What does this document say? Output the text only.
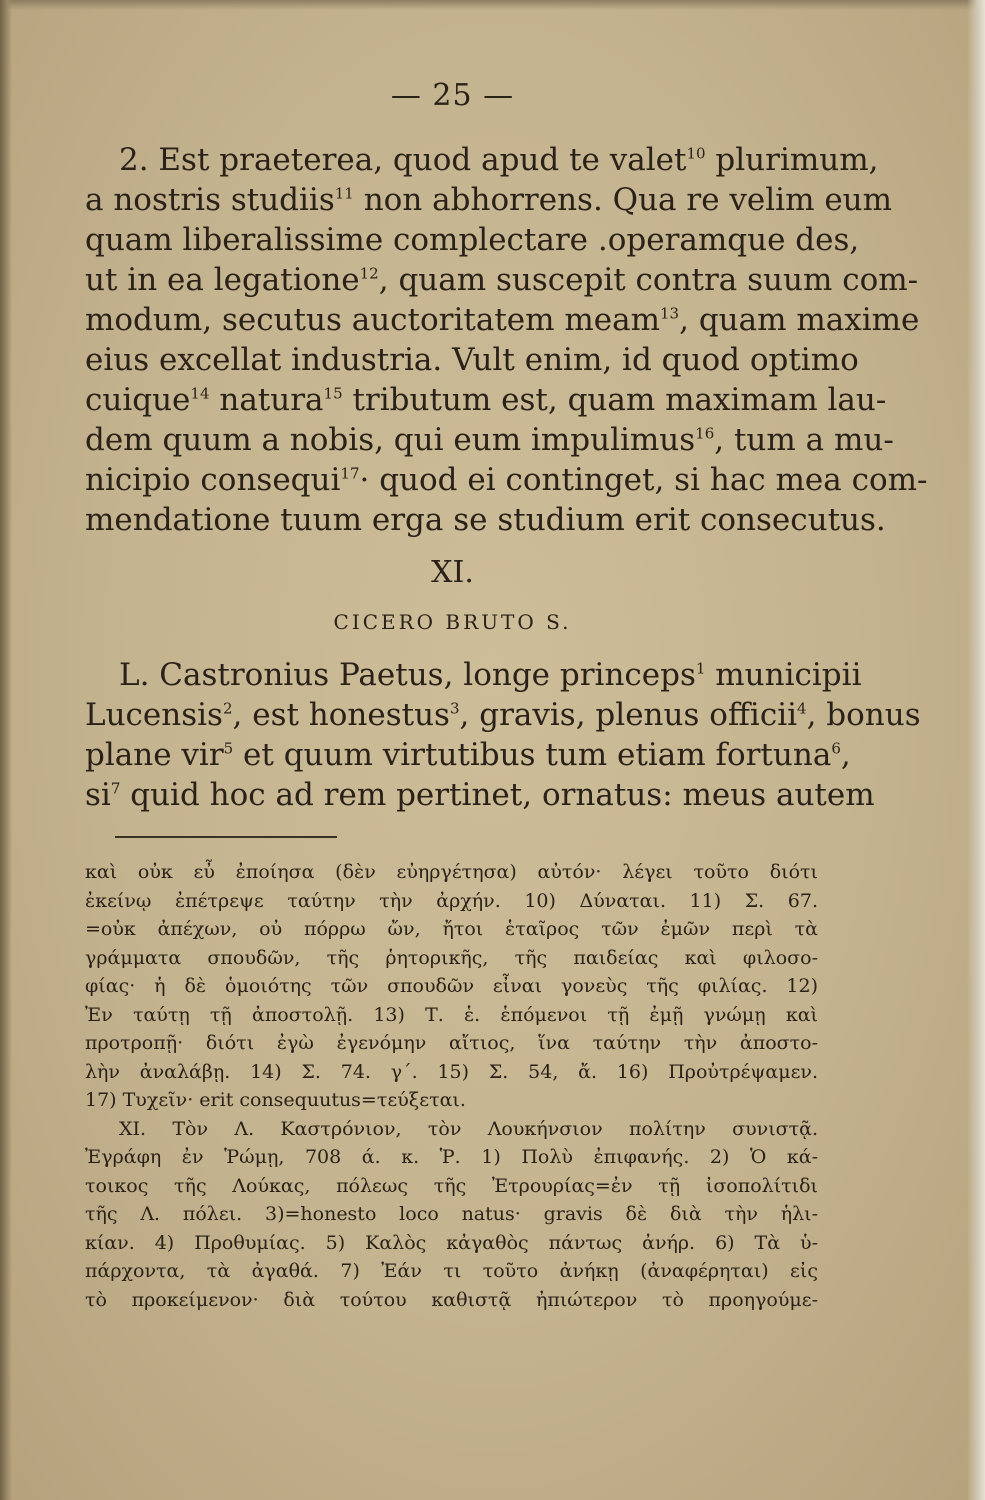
— 25 —
2. Est praeterea, quod apud te valet$^{10}$ plurimum,
a nostris studiis$^{11}$ non abhorrens. Qua re velim eum
quam liberalissime complectare .operamque des,
ut in ea legatione$^{12}$, quam suscepit contra suum com-
modum, secutus auctoritatem meam$^{13}$, quam maxime
eius excellat industria. Vult enim, id quod optimo
cuique$^{14}$ natura$^{15}$ tributum est, quam maximam lau-
dem quum a nobis, qui eum impulimus$^{16}$, tum a mu-
nicipio consequi$^{17}$· quod ei continget, si hac mea com-
mendatione tuum erga se studium erit consecutus.
XI.
CICERO BRUTO S.
L. Castronius Paetus, longe princeps$^1$ municipii
Lucensis$^2$, est honestus$^3$, gravis, plenus officii$^4$, bonus
plane vir$^5$ et quum virtutibus tum etiam fortuna$^6$,
$si^7$ quid hoc ad rem pertinet, ornatus: meus autem
καὶ οὐκ εὖ ἐποίησα (δὲν εὐηργέτησα) αὐτόν· λέγει τοῦτο διότι
ἐκείνῳ ἐπέτρεψε ταύτην τὴν ἀρχήν. 10) Δύναται. 11) Σ. 67.
=οὐκ ἀπέχων, οὐ πόρρω ὤν, ἤτοι ἑταῖρος τῶν ἐμῶν περὶ τὰ
γράμματα σπουδῶν, τῆς ῥητορικῆς, τῆς παιδείας καὶ φιλοσο-
φίας· ἡ δὲ ὁμοιότης τῶν σπουδῶν εἶναι γονεὺς τῆς φιλίας. 12)
Ἐν ταύτῃ τῇ ἀποστολῇ. 13) Τ. ἑ. ἑπόμενοι τῇ ἐμῇ γνώμῃ καὶ
προτροπῇ· διότι ἐγὼ ἐγενόμην αἴτιος, ἵνα ταύτην τὴν ἀποστο-
λὴν ἀναλάβῃ. 14) Σ. 74. γ΄. 15) Σ. 54, ἄ. 16) Προὐτρέψαμεν.
17) Τυχεῖν· erit consequutus=τεύξεται.
XI. Τὸν Λ. Καστρόνιον, τὸν Λουκήνσιον πολίτην συνιστᾷ.
Ἐγράφη ἐν Ῥώμῃ, 708 ά. κ. Ῥ. 1) Πολὺ ἐπιφανής. 2) Ὁ κά-
τοικος τῆς Λούκας, πόλεως τῆς Ἐτρουρίας=ἐν τῇ ἰσοπολίτιδι
τῆς Λ. πόλει. 3)=honesto loco natus· gravis δὲ διὰ τὴν ἡλι-
κίαν. 4) Προθυμίας. 5) Καλὸς κἀγαθὸς πάντως ἀνήρ. 6) Τὰ ὑ-
πάρχοντα, τὰ ἀγαθά. 7) Ἐάν τι τοῦτο ἀνήκῃ (ἀναφέρηται) εἰς
τὸ προκείμενον· διὰ τούτου καθιστᾷ ἠπιώτερον τὸ προηγούμε-
